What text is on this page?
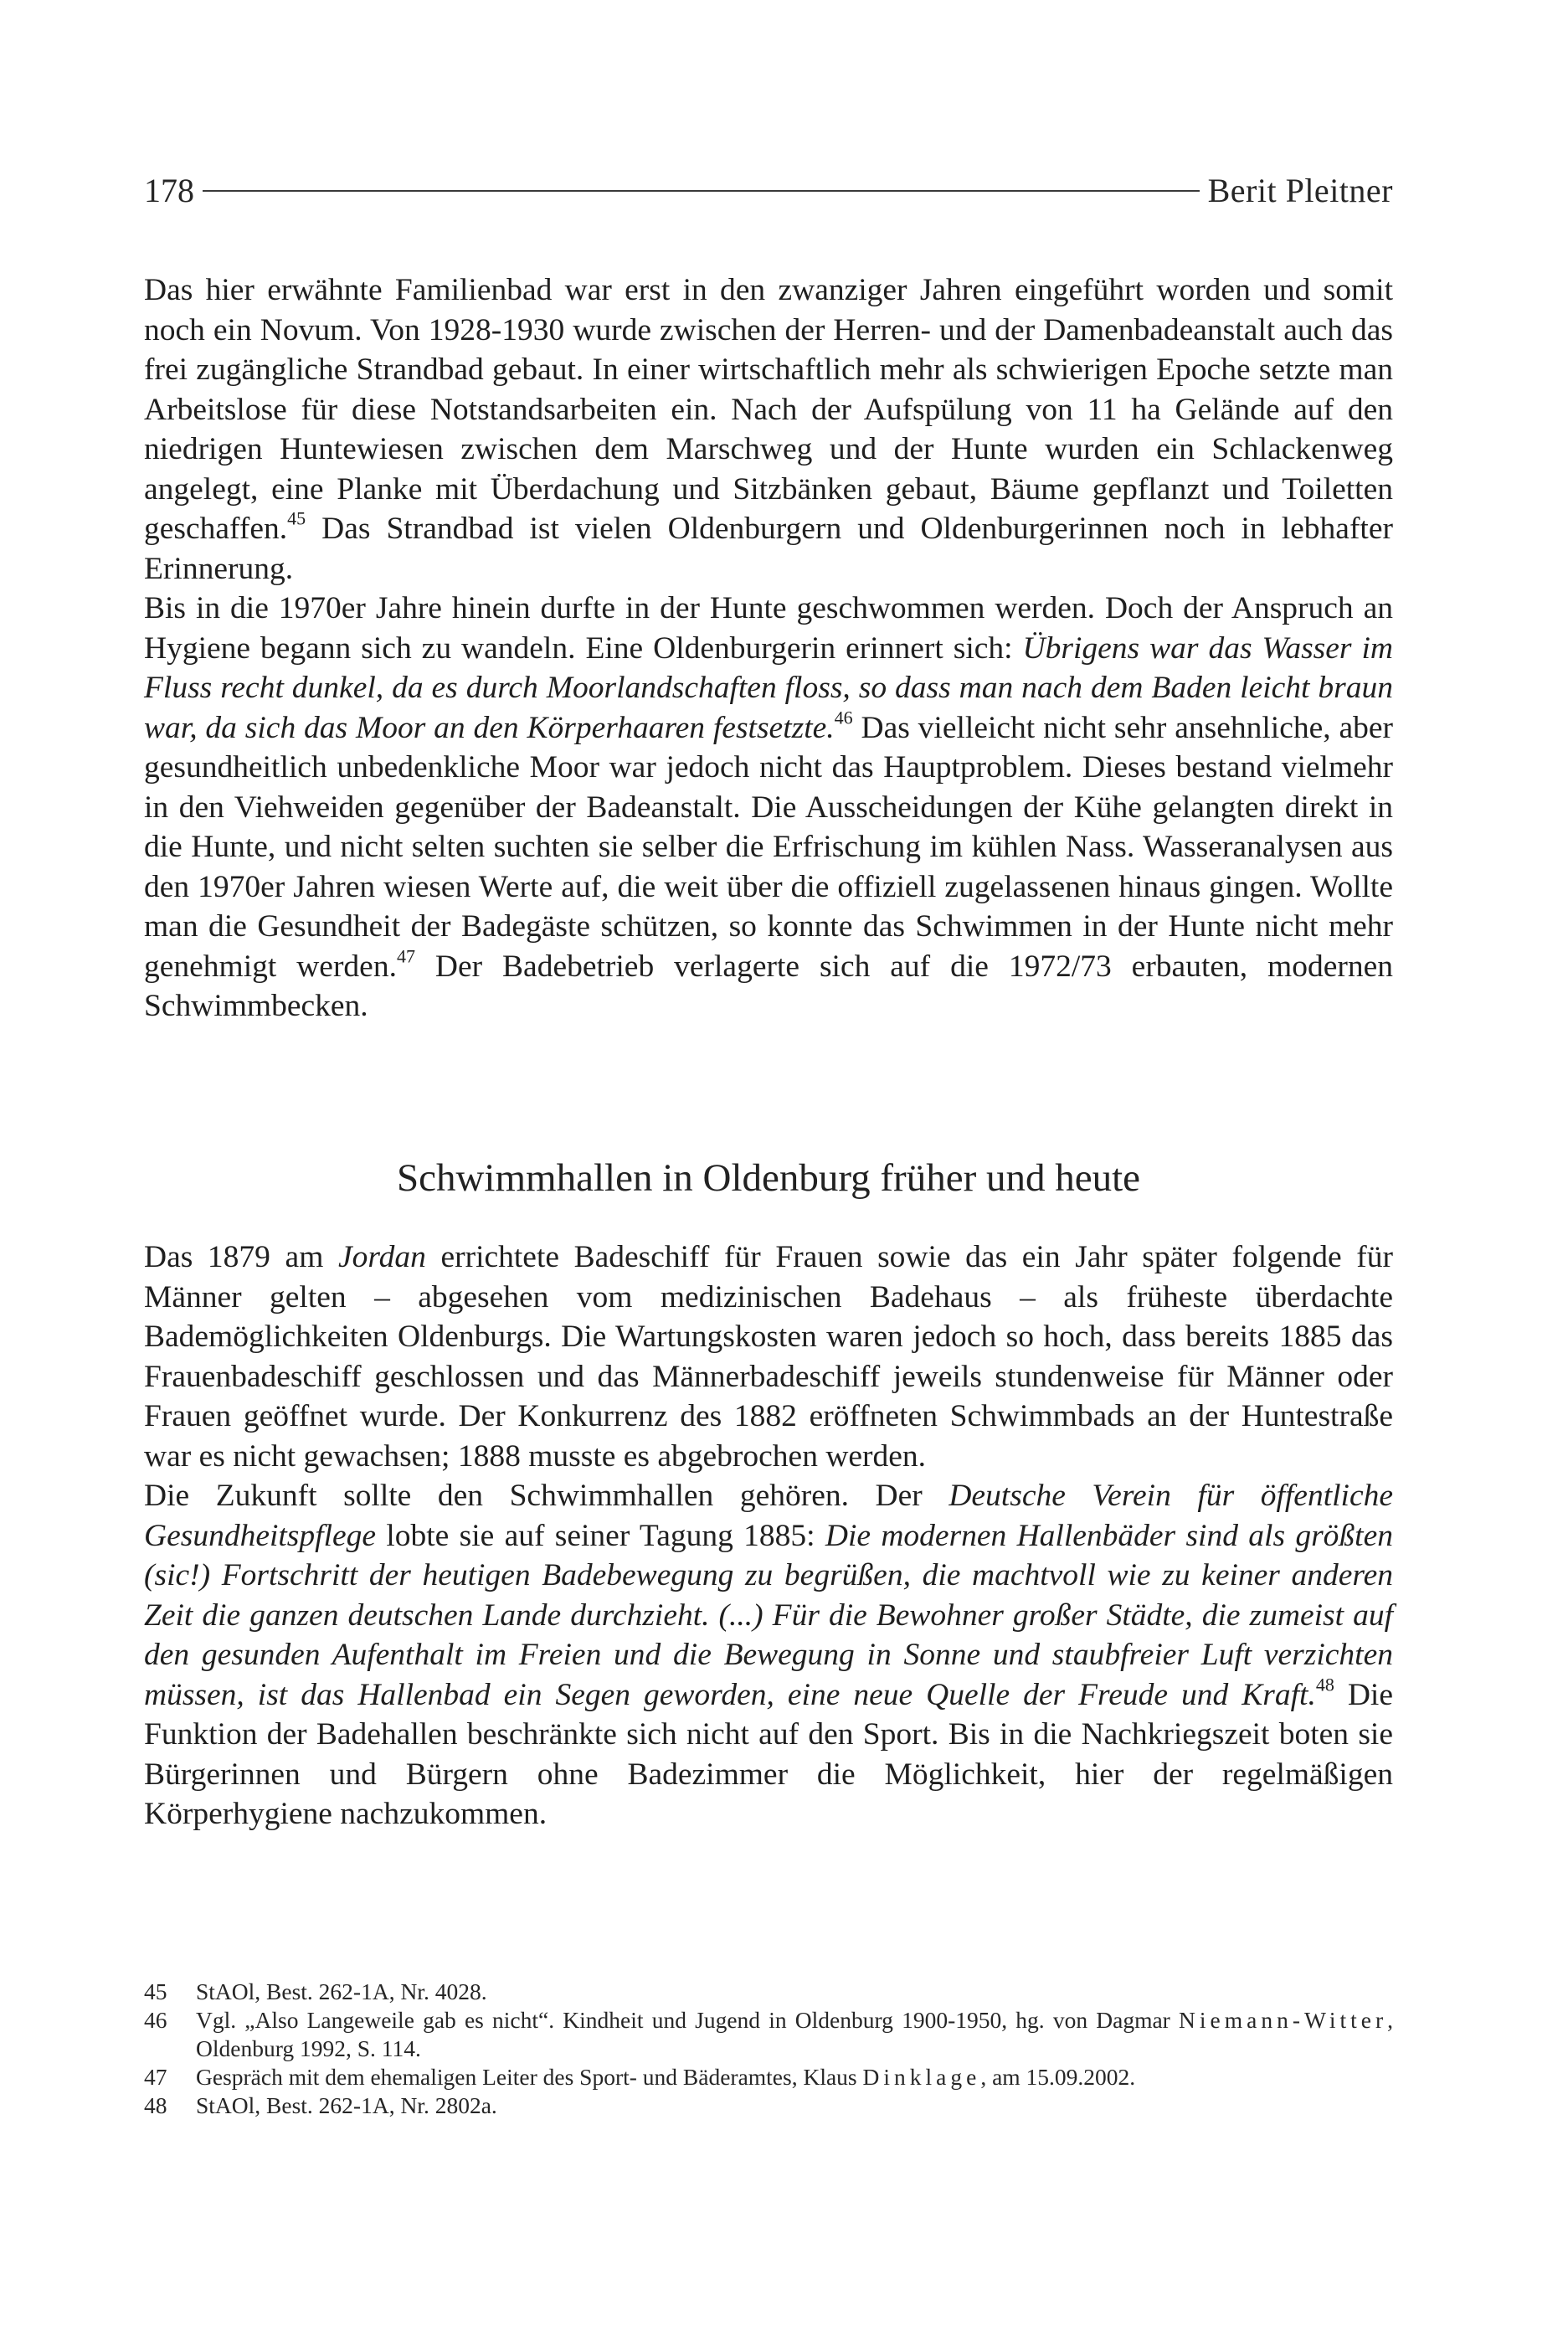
178	Berit Pleitner

Das hier erwähnte Familienbad war erst in den zwanziger Jahren eingeführt worden und somit noch ein Novum. Von 1928-1930 wurde zwischen der Herren- und der Damenbadeanstalt auch das frei zugängliche Strandbad gebaut. In einer wirtschaftlich mehr als schwierigen Epoche setzte man Arbeitslose für diese Notstandsarbeiten ein. Nach der Aufspülung von 11 ha Gelände auf den niedrigen Huntewiesen zwischen dem Marschweg und der Hunte wurden ein Schlackenweg angelegt, eine Planke mit Überdachung und Sitzbänken gebaut, Bäume gepflanzt und Toiletten geschaffen.$^{45}$ Das Strandbad ist vielen Oldenburgern und Oldenburgerinnen noch in lebhafter Erinnerung.

Bis in die 1970er Jahre hinein durfte in der Hunte geschwommen werden. Doch der Anspruch an Hygiene begann sich zu wandeln. Eine Oldenburgerin erinnert sich: Übrigens war das Wasser im Fluss recht dunkel, da es durch Moorlandschaften floss, so dass man nach dem Baden leicht braun war, da sich das Moor an den Körperhaaren festsetzte.$^{46}$ Das vielleicht nicht sehr ansehnliche, aber gesundheitlich unbedenkliche Moor war jedoch nicht das Hauptproblem. Dieses bestand vielmehr in den Viehweiden gegenüber der Badeanstalt. Die Ausscheidungen der Kühe gelangten direkt in die Hunte, und nicht selten suchten sie selber die Erfrischung im kühlen Nass. Wasseranalysen aus den 1970er Jahren wiesen Werte auf, die weit über die offiziell zugelassenen hinaus gingen. Wollte man die Gesundheit der Badegäste schützen, so konnte das Schwimmen in der Hunte nicht mehr genehmigt werden.$^{47}$ Der Badebetrieb verlagerte sich auf die 1972/73 erbauten, modernen Schwimmbecken.

Schwimmhallen in Oldenburg früher und heute

Das 1879 am Jordan errichtete Badeschiff für Frauen sowie das ein Jahr später folgende für Männer gelten – abgesehen vom medizinischen Badehaus – als früheste überdachte Bademöglichkeiten Oldenburgs. Die Wartungskosten waren jedoch so hoch, dass bereits 1885 das Frauenbadeschiff geschlossen und das Männerbadeschiff jeweils stundenweise für Männer oder Frauen geöffnet wurde. Der Konkurrenz des 1882 eröffneten Schwimmbads an der Huntestraße war es nicht gewachsen; 1888 musste es abgebrochen werden.

Die Zukunft sollte den Schwimmhallen gehören. Der Deutsche Verein für öffentliche Gesundheitspflege lobte sie auf seiner Tagung 1885: Die modernen Hallenbäder sind als größten (sic!) Fortschritt der heutigen Badebewegung zu begrüßen, die machtvoll wie zu keiner anderen Zeit die ganzen deutschen Lande durchzieht. (...) Für die Bewohner großer Städte, die zumeist auf den gesunden Aufenthalt im Freien und die Bewegung in Sonne und staubfreier Luft verzichten müssen, ist das Hallenbad ein Segen geworden, eine neue Quelle der Freude und Kraft.$^{48}$ Die Funktion der Badehallen beschränkte sich nicht auf den Sport. Bis in die Nachkriegszeit boten sie Bürgerinnen und Bürgern ohne Badezimmer die Möglichkeit, hier der regelmäßigen Körperhygiene nachzukommen.

45	StAOl, Best. 262-1A, Nr. 4028.
46	Vgl. „Also Langeweile gab es nicht“. Kindheit und Jugend in Oldenburg 1900-1950, hg. von Dagmar Niemann-Witter, Oldenburg 1992, S. 114.
47	Gespräch mit dem ehemaligen Leiter des Sport- und Bäderamtes, Klaus Dinklage, am 15.09.2002.
48	StAOl, Best. 262-1A, Nr. 2802a.
